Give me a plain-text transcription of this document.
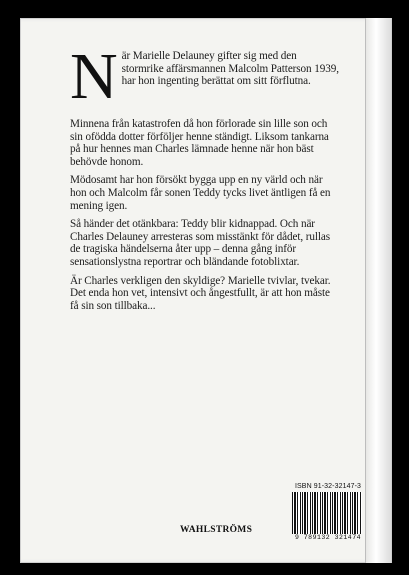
När Marielle Delauney gifter sig med den stormrike affärsmannen Malcolm Patterson 1939, har hon ingenting berättat om sitt förflutna.

Minnena från katastrofen då hon förlorade sin lille son och sin ofödda dotter förföljer henne ständigt. Liksom tankarna på hur hennes man Charles lämnade henne när hon bäst behövde honom.

Mödosamt har hon försökt bygga upp en ny värld och när hon och Malcolm får sonen Teddy tycks livet äntligen få en mening igen.

Så händer det otänkbara: Teddy blir kidnappad. Och när Charles Delauney arresteras som misstänkt för dådet, rullas de tragiska händelserna åter upp – denna gång inför sensationslystna reportrar och bländande fotoblixtar.

Är Charles verkligen den skyldige? Marielle tvivlar, tvekar. Det enda hon vet, intensivt och ångestfullt, är att hon måste få sin son tillbaka...

ISBN 91-32-32147-3
9 789132 321474
WAHLSTRÖMS
